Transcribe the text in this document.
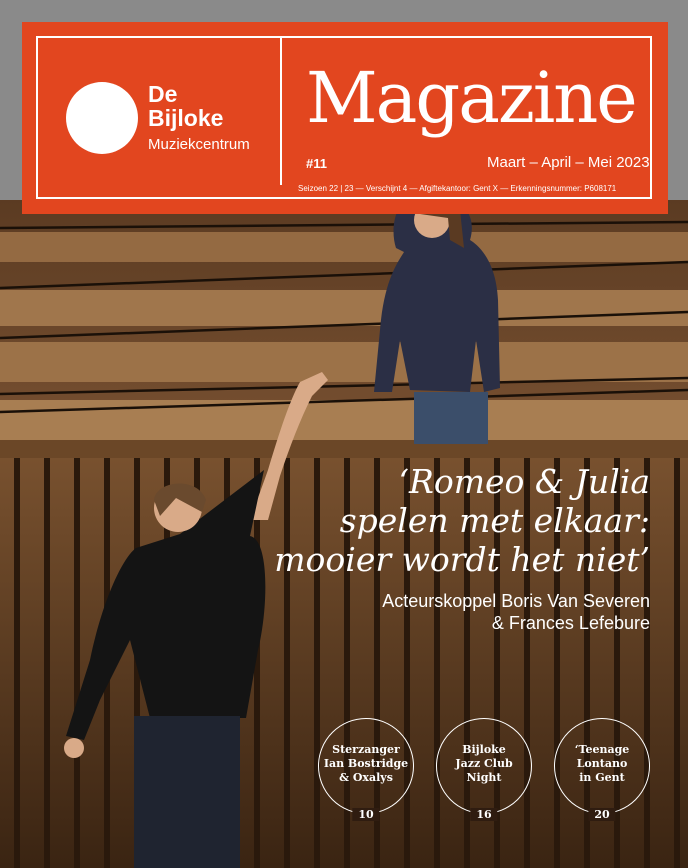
De
Bijloke
Muziekcentrum
Magazine
#11	Maart – April – Mei 2023
Seizoen 22 | 23 — Verschijnt 4 — Afgiftekantoor: Gent X — Erkenningsnummer: P608171
‘Romeo & Julia
spelen met elkaar:
mooier wordt het niet’
Acteurskoppel Boris Van Severen
& Frances Lefebure
Sterzanger
Ian Bostridge
& Oxalys
10
Bijloke
Jazz Club
Night
16
‘Teenage
Lontano
in Gent
20
